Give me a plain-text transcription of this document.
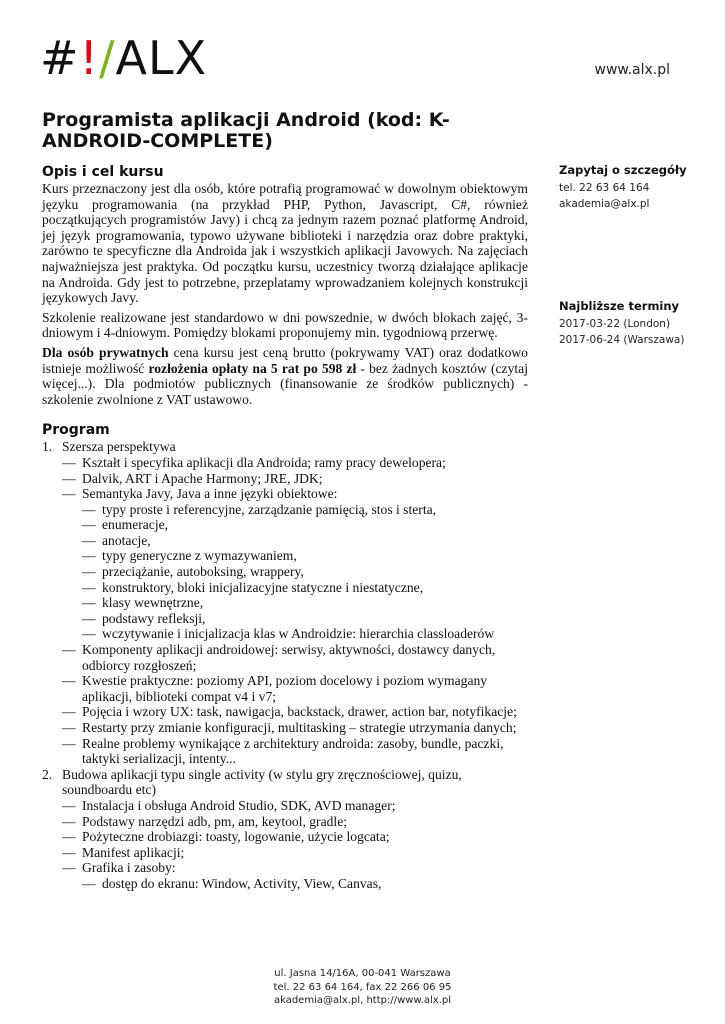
#!/ALX	www.alx.pl
Programista aplikacji Android (kod: K-ANDROID-COMPLETE)
Opis i cel kursu

Kurs przeznaczony jest dla osób, które potrafią programować w dowolnym obiektowym języku programowania (na przykład PHP, Python, Javascript, C#, również początkujących programistów Javy) i chcą za jednym razem poznać platformę Android, jej język programowania, typowo używane biblioteki i narzędzia oraz dobre praktyki, zarówno te specyficzne dla Androida jak i wszystkich aplikacji Javowych. Na zajęciach najważniejsza jest praktyka. Od początku kursu, uczestnicy tworzą działające aplikacje na Androida. Gdy jest to potrzebne, przeplatamy wprowadzaniem kolejnych konstrukcji językowych Javy.

Szkolenie realizowane jest standardowo w dni powszednie, w dwóch blokach zajęć, 3-dniowym i 4-dniowym. Pomiędzy blokami proponujemy min. tygodniową przerwę.

Dla osób prywatnych cena kursu jest ceną brutto (pokrywamy VAT) oraz dodatkowo istnieje możliwość rozłożenia opłaty na 5 rat po 598 zł - bez żadnych kosztów (czytaj więcej...). Dla podmiotów publicznych (finansowanie ze środków publicznych) - szkolenie zwolnione z VAT ustawowo.

Program
1. Szersza perspektywa
— Kształt i specyfika aplikacji dla Androida; ramy pracy dewelopera;
— Dalvik, ART i Apache Harmony; JRE, JDK;
— Semantyka Javy, Java a inne języki obiektowe:
— typy proste i referencyjne, zarządzanie pamięcią, stos i sterta,
— enumeracje,
— anotacje,
— typy generyczne z wymazywaniem,
— przeciążanie, autoboksing, wrappery,
— konstruktory, bloki inicjalizacyjne statyczne i niestatyczne,
— klasy wewnętrzne,
— podstawy refleksji,
— wczytywanie i inicjalizacja klas w Androidzie: hierarchia classloaderów
— Komponenty aplikacji androidowej: serwisy, aktywności, dostawcy danych, odbiorcy rozgłoszeń;
— Kwestie praktyczne: poziomy API, poziom docelowy i poziom wymagany aplikacji, biblioteki compat v4 i v7;
— Pojęcia i wzory UX: task, nawigacja, backstack, drawer, action bar, notyfikacje;
— Restarty przy zmianie konfiguracji, multitasking – strategie utrzymania danych;
— Realne problemy wynikające z architektury androida: zasoby, bundle, paczki, taktyki serializacji, intenty...
2. Budowa aplikacji typu single activity (w stylu gry zręcznościowej, quizu, soundboardu etc)
— Instalacja i obsługa Android Studio, SDK, AVD manager;
— Podstawy narzędzi adb, pm, am, keytool, gradle;
— Pożyteczne drobiazgi: toasty, logowanie, użycie logcata;
— Manifest aplikacji;
— Grafika i zasoby:
— dostęp do ekranu: Window, Activity, View, Canvas,
Zapytaj o szczegóły
tel. 22 63 64 164
akademia@alx.pl
Najbliższe terminy
2017-03-22 (London)
2017-06-24 (Warszawa)
ul. Jasna 14/16A, 00-041 Warszawa
tel. 22 63 64 164, fax 22 266 06 95
akademia@alx.pl, http://www.alx.pl
